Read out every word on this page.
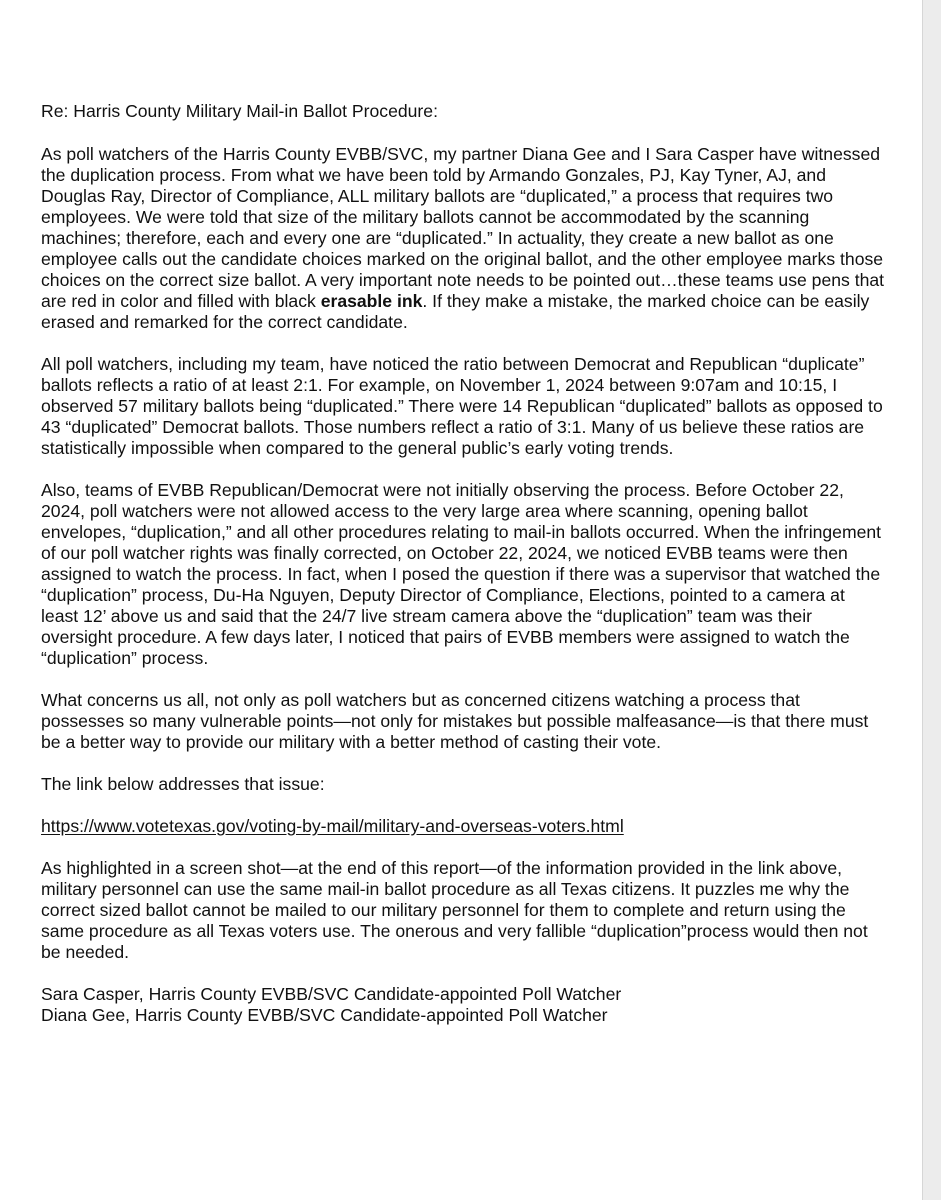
Re: Harris County Military Mail-in Ballot Procedure:

As poll watchers of the Harris County EVBB/SVC, my partner Diana Gee and I Sara Casper have witnessed the duplication process. From what we have been told by Armando Gonzales, PJ, Kay Tyner, AJ, and Douglas Ray, Director of Compliance, ALL military ballots are “duplicated,” a process that requires two employees. We were told that size of the military ballots cannot be accommodated by the scanning machines; therefore, each and every one are “duplicated.” In actuality, they create a new ballot as one employee calls out the candidate choices marked on the original ballot, and the other employee marks those choices on the correct size ballot. A very important note needs to be pointed out…these teams use pens that are red in color and filled with black erasable ink. If they make a mistake, the marked choice can be easily erased and remarked for the correct candidate.

All poll watchers, including my team, have noticed the ratio between Democrat and Republican “duplicate” ballots reflects a ratio of at least 2:1. For example, on November 1, 2024 between 9:07am and 10:15, I observed 57 military ballots being “duplicated.” There were 14 Republican “duplicated” ballots as opposed to 43 “duplicated” Democrat ballots. Those numbers reflect a ratio of 3:1. Many of us believe these ratios are statistically impossible when compared to the general public’s early voting trends.

Also, teams of EVBB Republican/Democrat were not initially observing the process. Before October 22, 2024, poll watchers were not allowed access to the very large area where scanning, opening ballot envelopes, “duplication,” and all other procedures relating to mail-in ballots occurred. When the infringement of our poll watcher rights was finally corrected, on October 22, 2024, we noticed EVBB teams were then assigned to watch the process. In fact, when I posed the question if there was a supervisor that watched the “duplication” process, Du-Ha Nguyen, Deputy Director of Compliance, Elections, pointed to a camera at least 12’ above us and said that the 24/7 live stream camera above the “duplication” team was their oversight procedure. A few days later, I noticed that pairs of EVBB members were assigned to watch the “duplication” process.

What concerns us all, not only as poll watchers but as concerned citizens watching a process that possesses so many vulnerable points—not only for mistakes but possible malfeasance—is that there must be a better way to provide our military with a better method of casting their vote.

The link below addresses that issue:

https://www.votetexas.gov/voting-by-mail/military-and-overseas-voters.html

As highlighted in a screen shot—at the end of this report—of the information provided in the link above, military personnel can use the same mail-in ballot procedure as all Texas citizens. It puzzles me why the correct sized ballot cannot be mailed to our military personnel for them to complete and return using the same procedure as all Texas voters use. The onerous and very fallible “duplication”process would then not be needed.

Sara Casper, Harris County EVBB/SVC Candidate-appointed Poll Watcher

Diana Gee, Harris County EVBB/SVC Candidate-appointed Poll Watcher
